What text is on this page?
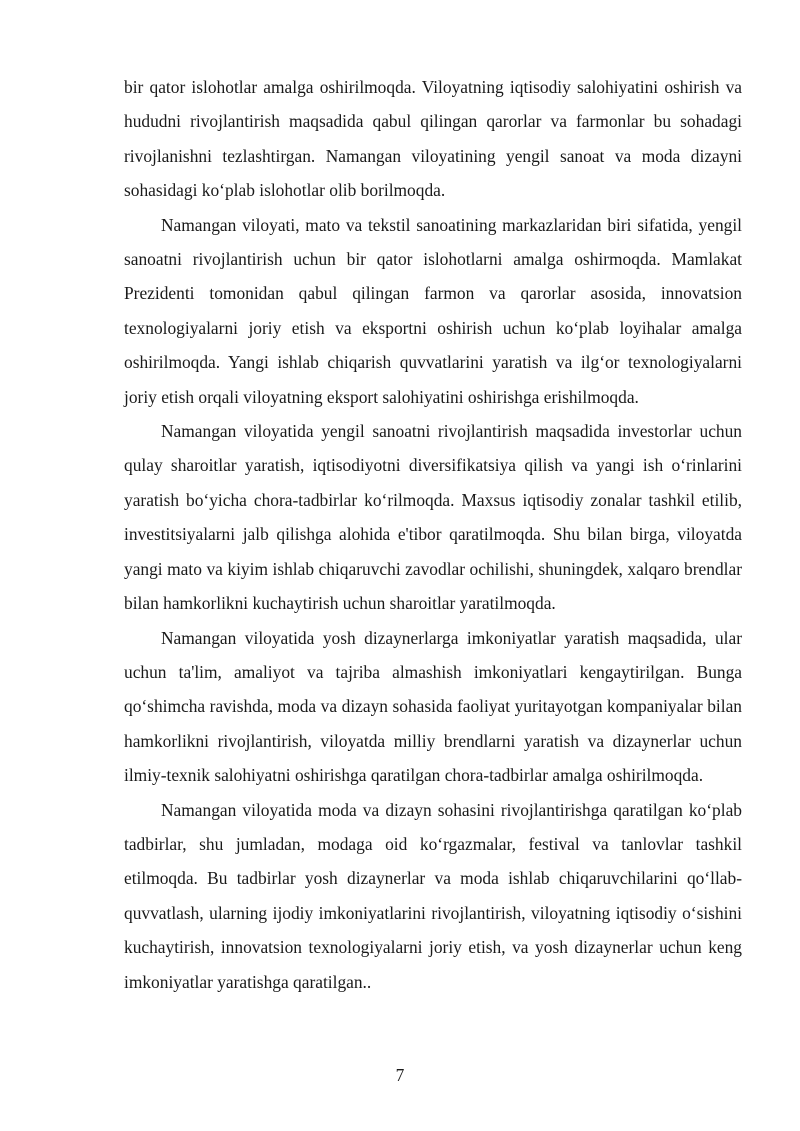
bir qator islohotlar amalga oshirilmoqda. Viloyatning iqtisodiy salohiyatini oshirish va hududni rivojlantirish maqsadida qabul qilingan qarorlar va farmonlar bu sohadagi rivojlanishni tezlashtirgan. Namangan viloyatining yengil sanoat va moda dizayni sohasidagi ko‘plab islohotlar olib borilmoqda.

Namangan viloyati, mato va tekstil sanoatining markazlaridan biri sifatida, yengil sanoatni rivojlantirish uchun bir qator islohotlarni amalga oshirmoqda. Mamlakat Prezidenti tomonidan qabul qilingan farmon va qarorlar asosida, innovatsion texnologiyalarni joriy etish va eksportni oshirish uchun ko‘plab loyihalar amalga oshirilmoqda. Yangi ishlab chiqarish quvvatlarini yaratish va ilg‘or texnologiyalarni joriy etish orqali viloyatning eksport salohiyatini oshirishga erishilmoqda.

Namangan viloyatida yengil sanoatni rivojlantirish maqsadida investorlar uchun qulay sharoitlar yaratish, iqtisodiyotni diversifikatsiya qilish va yangi ish o‘rinlarini yaratish bo‘yicha chora-tadbirlar ko‘rilmoqda. Maxsus iqtisodiy zonalar tashkil etilib, investitsiyalarni jalb qilishga alohida e'tibor qaratilmoqda. Shu bilan birga, viloyatda yangi mato va kiyim ishlab chiqaruvchi zavodlar ochilishi, shuningdek, xalqaro brendlar bilan hamkorlikni kuchaytirish uchun sharoitlar yaratilmoqda.

Namangan viloyatida yosh dizaynerlarga imkoniyatlar yaratish maqsadida, ular uchun ta'lim, amaliyot va tajriba almashish imkoniyatlari kengaytirilgan. Bunga qo‘shimcha ravishda, moda va dizayn sohasida faoliyat yuritayotgan kompaniyalar bilan hamkorlikni rivojlantirish, viloyatda milliy brendlarni yaratish va dizaynerlar uchun ilmiy-texnik salohiyatni oshirishga qaratilgan chora-tadbirlar amalga oshirilmoqda.

Namangan viloyatida moda va dizayn sohasini rivojlantirishga qaratilgan ko‘plab tadbirlar, shu jumladan, modaga oid ko‘rgazmalar, festival va tanlovlar tashkil etilmoqda. Bu tadbirlar yosh dizaynerlar va moda ishlab chiqaruvchilarini qo‘llab-quvvatlash, ularning ijodiy imkoniyatlarini rivojlantirish, viloyatning iqtisodiy o‘sishini kuchaytirish, innovatsion texnologiyalarni joriy etish, va yosh dizaynerlar uchun keng imkoniyatlar yaratishga qaratilgan..

7
